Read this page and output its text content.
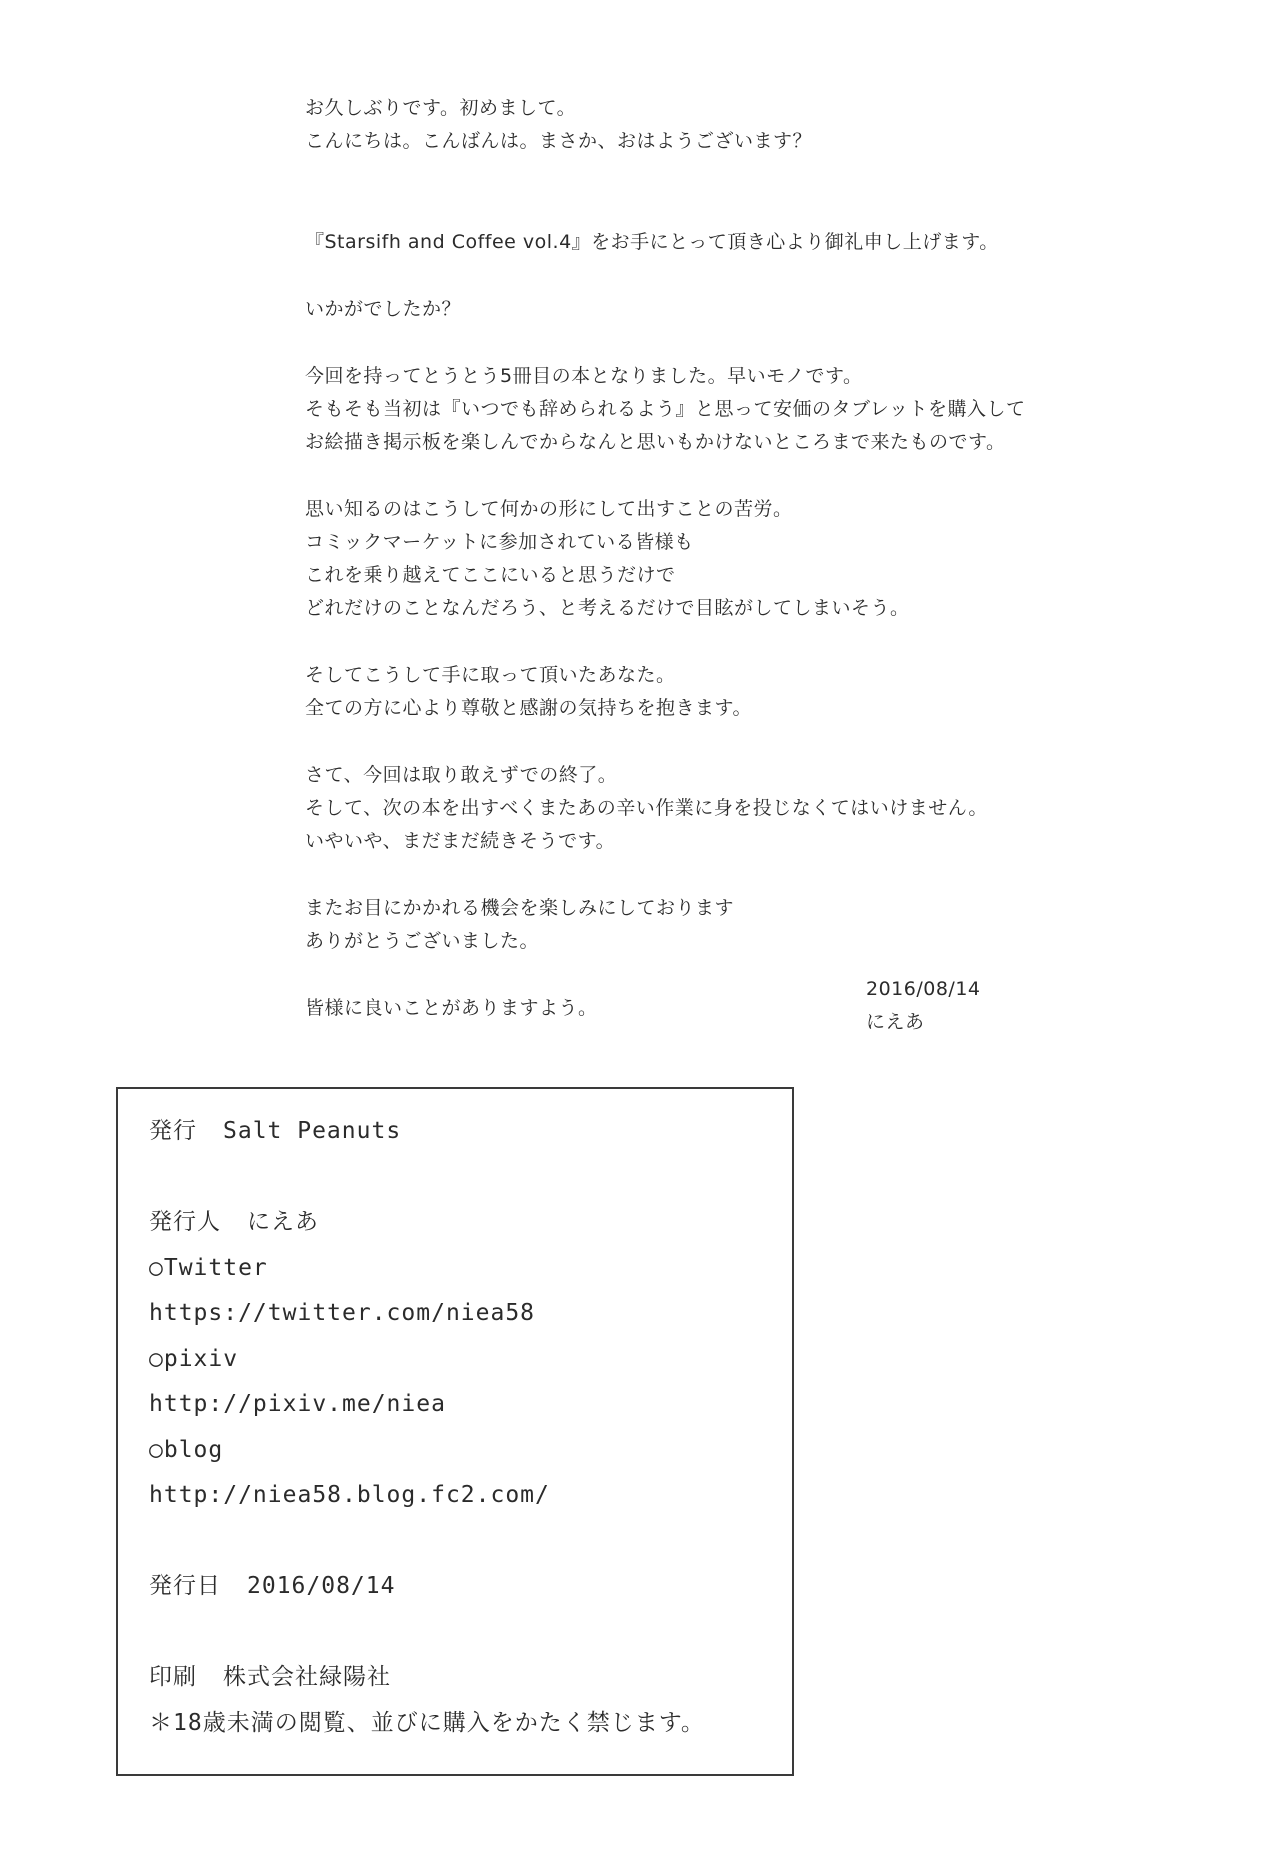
お久しぶりです。初めまして。
こんにちは。こんばんは。まさか、おはようございます？
『Starsifh and Coffee vol.4』をお手にとって頂き心より御礼申し上げます。
いかがでしたか？
今回を持ってとうとう5冊目の本となりました。早いモノです。
そもそも当初は『いつでも辞められるよう』と思って安価のタブレットを購入して
お絵描き掲示板を楽しんでからなんと思いもかけないところまで来たものです。
思い知るのはこうして何かの形にして出すことの苦労。
コミックマーケットに参加されている皆様も
これを乗り越えてここにいると思うだけで
どれだけのことなんだろう、と考えるだけで目眩がしてしまいそう。
そしてこうして手に取って頂いたあなた。
全ての方に心より尊敬と感謝の気持ちを抱きます。
さて、今回は取り敢えずでの終了。
そして、次の本を出すべくまたあの辛い作業に身を投じなくてはいけません。
いやいや、まだまだ続きそうです。
またお目にかかれる機会を楽しみにしております
ありがとうございました。
皆様に良いことがありますよう。
2016/08/14
にえあ
発行 Salt Peanuts
発行人 にえあ
○Twitter
https://twitter.com/niea58
○pixiv
http://pixiv.me/niea
○blog
http://niea58.blog.fc2.com/
発行日 2016/08/14
印刷 株式会社緑陽社
＊18歳未満の閲覧、並びに購入をかたく禁じます。
